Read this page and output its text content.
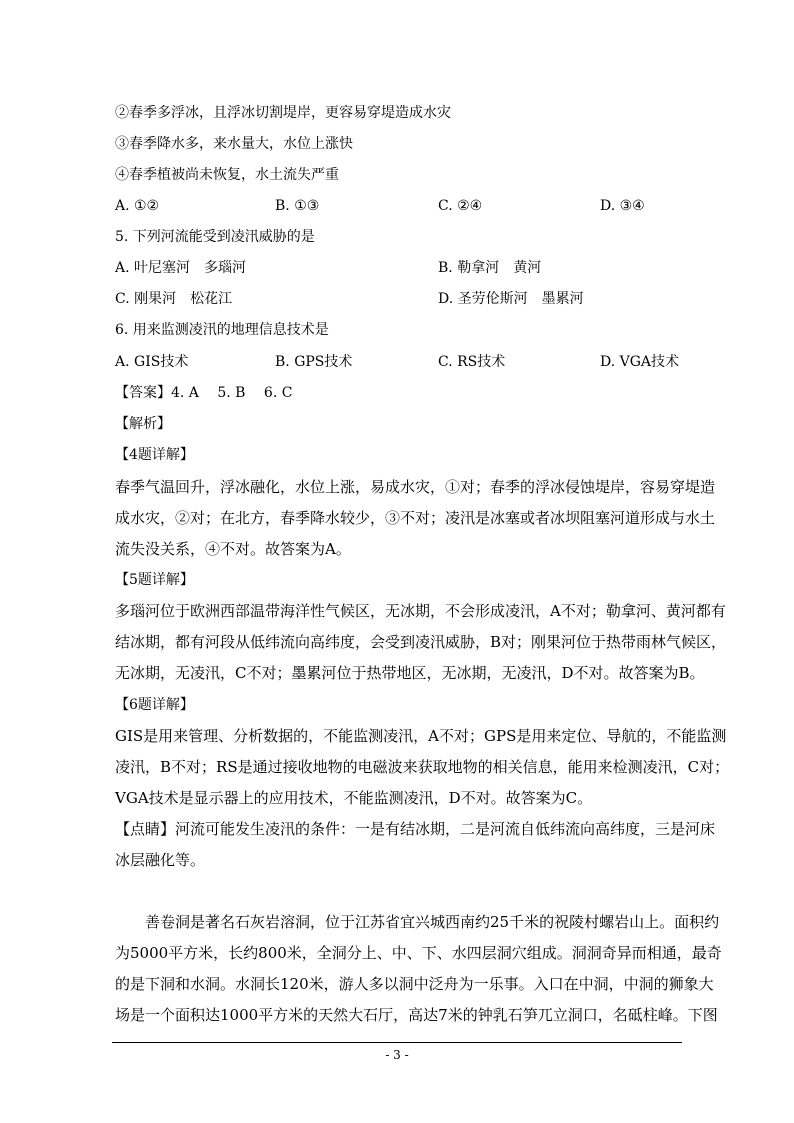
②春季多浮冰，且浮冰切割堤岸，更容易穿堤造成水灾
③春季降水多，来水量大，水位上涨快
④春季植被尚未恢复，水土流失严重
A. ①②	B. ①③	C. ②④	D. ③④
5. 下列河流能受到凌汛威胁的是
A. 叶尼塞河　多瑙河	B. 勒拿河　黄河
C. 刚果河　松花江	D. 圣劳伦斯河　墨累河
6. 用来监测凌汛的地理信息技术是
A. GIS技术	B. GPS技术	C. RS技术	D. VGA技术
【答案】4. A　 5. B　 6. C
【解析】
【4题详解】
春季气温回升，浮冰融化，水位上涨，易成水灾，①对；春季的浮冰侵蚀堤岸，容易穿堤造
成水灾，②对；在北方，春季降水较少，③不对；凌汛是冰塞或者冰坝阻塞河道形成与水土
流失没关系，④不对。故答案为A。
【5题详解】
多瑙河位于欧洲西部温带海洋性气候区，无冰期，不会形成凌汛，A不对；勒拿河、黄河都有
结冰期，都有河段从低纬流向高纬度，会受到凌汛威胁，B对；刚果河位于热带雨林气候区，
无冰期，无凌汛，C不对；墨累河位于热带地区，无冰期，无凌汛，D不对。故答案为B。
【6题详解】
GIS是用来管理、分析数据的，不能监测凌汛，A不对；GPS是用来定位、导航的，不能监测
凌汛，B不对；RS是通过接收地物的电磁波来获取地物的相关信息，能用来检测凌汛，C对；
VGA技术是显示器上的应用技术，不能监测凌汛，D不对。故答案为C。
【点睛】河流可能发生凌汛的条件：一是有结冰期，二是河流自低纬流向高纬度，三是河床
冰层融化等。
　　善卷洞是著名石灰岩溶洞，位于江苏省宜兴城西南约25千米的祝陵村螺岩山上。面积约
为5000平方米，长约800米，全洞分上、中、下、水四层洞穴组成。洞洞奇异而相通，最奇
的是下洞和水洞。水洞长120米，游人多以洞中泛舟为一乐事。入口在中洞，中洞的狮象大
场是一个面积达1000平方米的天然大石厅，高达7米的钟乳石笋兀立洞口，名砥柱峰。下图
- 3 -
